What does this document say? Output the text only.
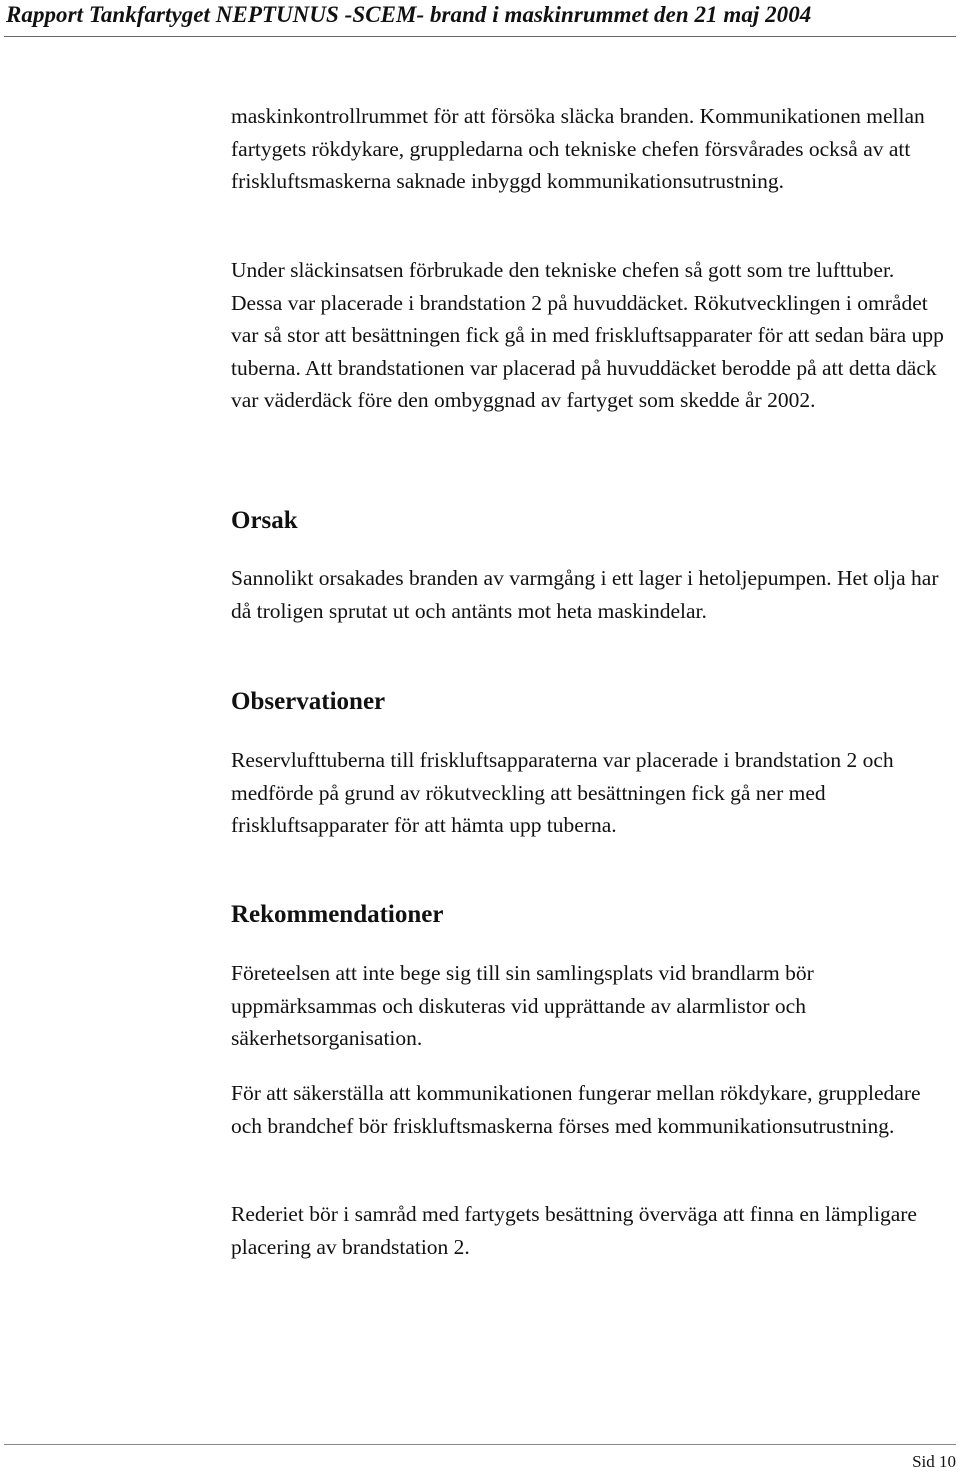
Rapport Tankfartyget NEPTUNUS -SCEM- brand i maskinrummet den 21 maj 2004

maskinkontrollrummet för att försöka släcka branden. Kommunikationen mellan fartygets rökdykare, gruppledarna och tekniske chefen försvårades också av att friskluftsmaskerna saknade inbyggd kommunikationsutrustning.

Under släckinsatsen förbrukade den tekniske chefen så gott som tre lufttuber. Dessa var placerade i brandstation 2 på huvuddäcket. Rökutvecklingen i området var så stor att besättningen fick gå in med friskluftsapparater för att sedan bära upp tuberna. Att brandstationen var placerad på huvuddäcket berodde på att detta däck var väderdäck före den ombyggnad av fartyget som skedde år 2002.

Orsak

Sannolikt orsakades branden av varmgång i ett lager i hetoljepumpen. Het olja har då troligen sprutat ut och antänts mot heta maskindelar.

Observationer

Reservlufttuberna till friskluftsapparaterna var placerade i brandstation 2 och medförde på grund av rökutveckling att besättningen fick gå ner med friskluftsapparater för att hämta upp tuberna.

Rekommendationer

Företeelsen att inte bege sig till sin samlingsplats vid brandlarm bör uppmärksammas och diskuteras vid upprättande av alarmlistor och säkerhetsorganisation.

För att säkerställa att kommunikationen fungerar mellan rökdykare, gruppledare och brandchef bör friskluftsmaskerna förses med kommunikationsutrustning.

Rederiet bör i samråd med fartygets besättning överväga att finna en lämpligare placering av brandstation 2.

Sid 10
